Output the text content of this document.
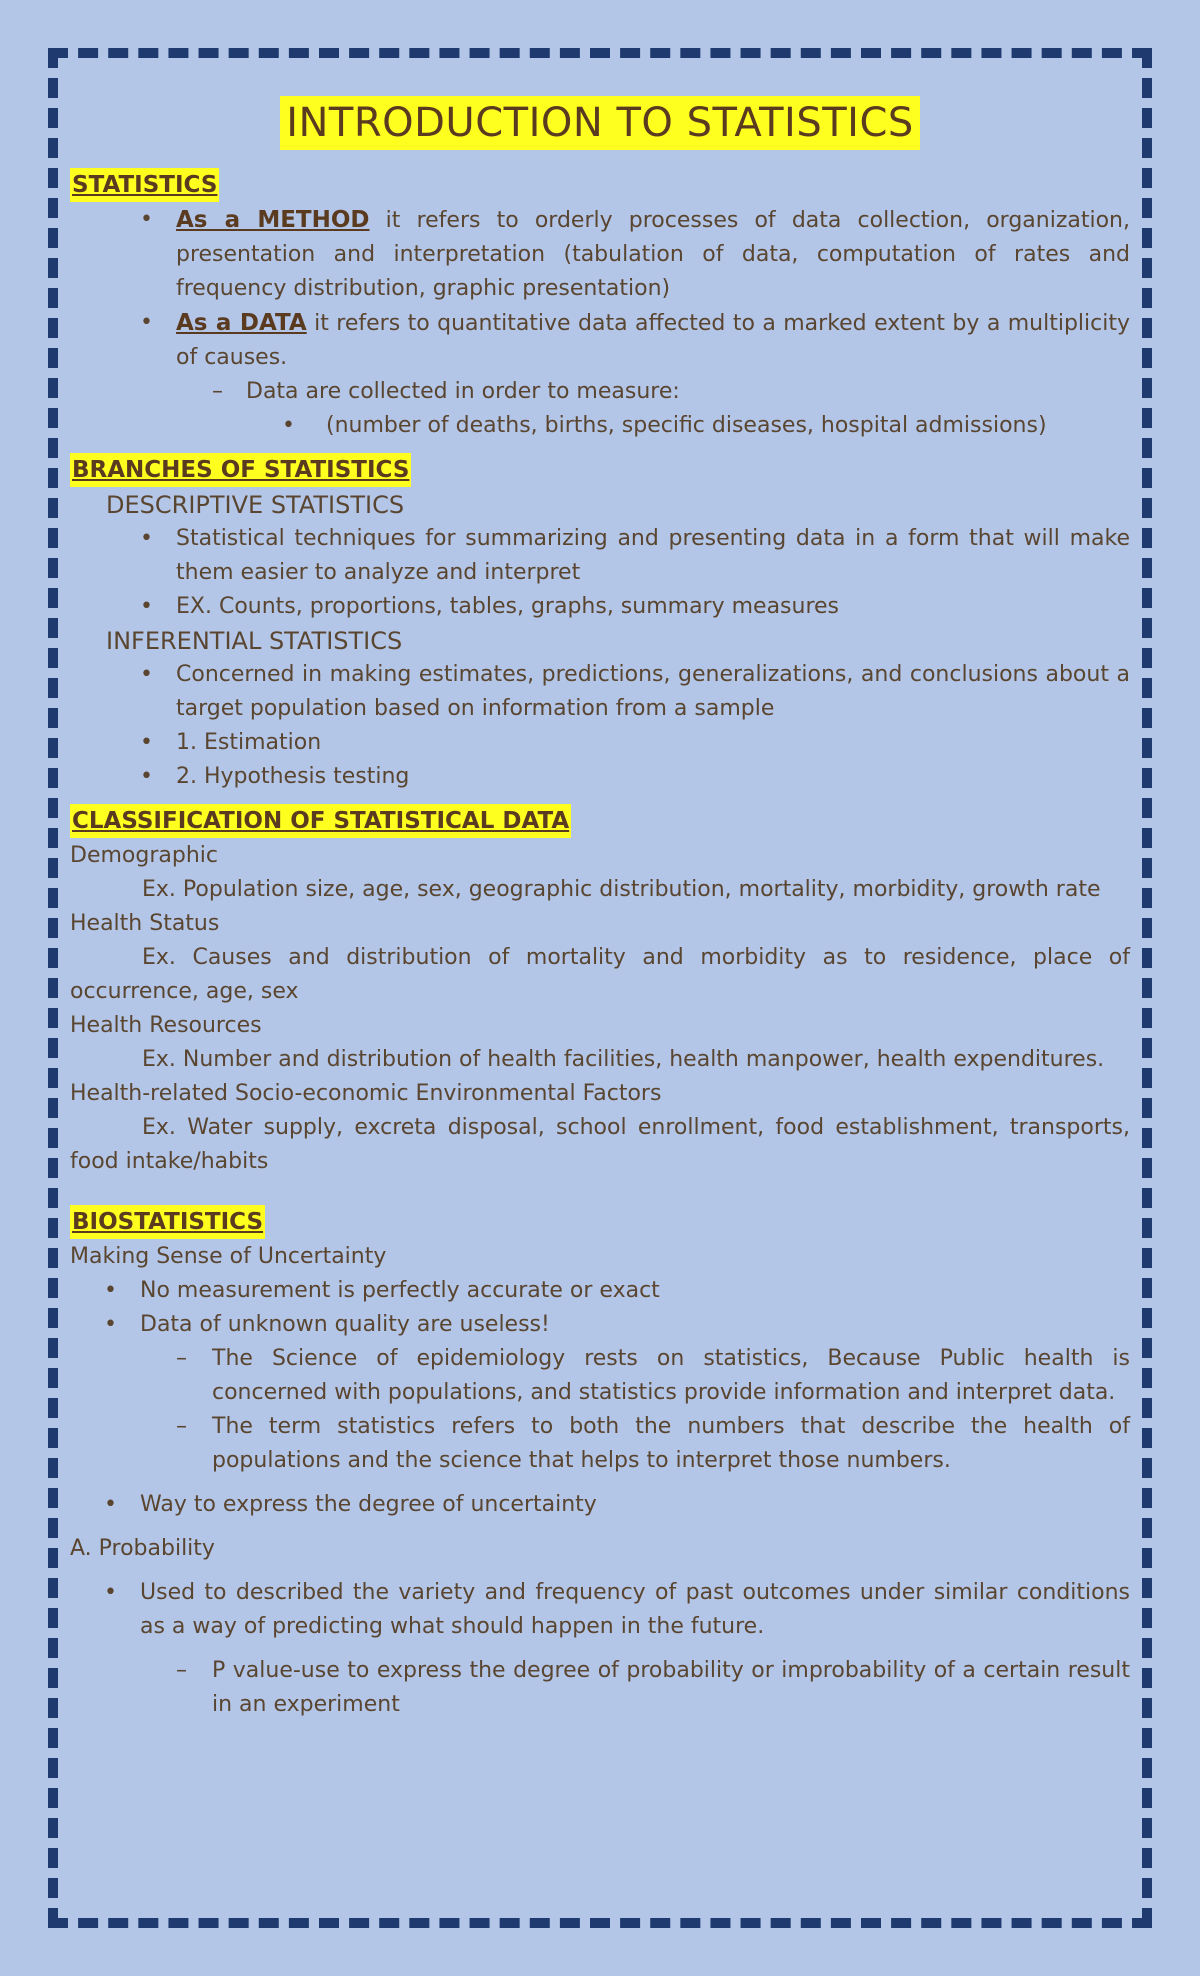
INTRODUCTION TO STATISTICS
STATISTICS
• As a METHOD it refers to orderly processes of data collection, organization, presentation and interpretation (tabulation of data, computation of rates and frequency distribution, graphic presentation)
• As a DATA it refers to quantitative data affected to a marked extent by a multiplicity of causes.
– Data are collected in order to measure:
• (number of deaths, births, specific diseases, hospital admissions)
BRANCHES OF STATISTICS
DESCRIPTIVE STATISTICS
• Statistical techniques for summarizing and presenting data in a form that will make them easier to analyze and interpret
• EX. Counts, proportions, tables, graphs, summary measures
INFERENTIAL STATISTICS
• Concerned in making estimates, predictions, generalizations, and conclusions about a target population based on information from a sample
• 1. Estimation
• 2. Hypothesis testing
CLASSIFICATION OF STATISTICAL DATA
Demographic
Ex. Population size, age, sex, geographic distribution, mortality, morbidity, growth rate
Health Status
Ex. Causes and distribution of mortality and morbidity as to residence, place of occurrence, age, sex
Health Resources
Ex. Number and distribution of health facilities, health manpower, health expenditures.
Health-related Socio-economic Environmental Factors
Ex. Water supply, excreta disposal, school enrollment, food establishment, transports, food intake/habits
BIOSTATISTICS
Making Sense of Uncertainty
• No measurement is perfectly accurate or exact
• Data of unknown quality are useless!
– The Science of epidemiology rests on statistics, Because Public health is concerned with populations, and statistics provide information and interpret data.
– The term statistics refers to both the numbers that describe the health of populations and the science that helps to interpret those numbers.
• Way to express the degree of uncertainty
A. Probability
• Used to described the variety and frequency of past outcomes under similar conditions as a way of predicting what should happen in the future.
– P value-use to express the degree of probability or improbability of a certain result in an experiment
